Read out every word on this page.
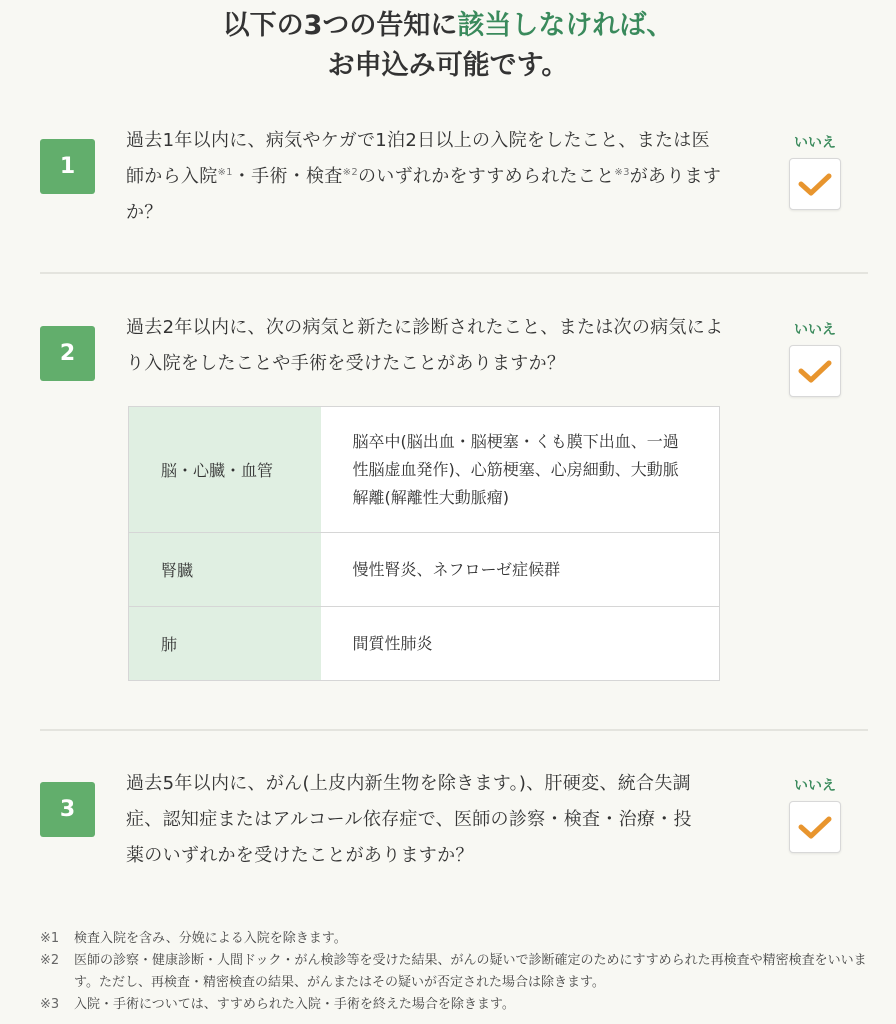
以下の3つの告知に該当しなければ、
お申込み可能です。
1
過去1年以内に、病気やケガで1泊2日以上の入院をしたこと、または医師から入院$^{※1}$・手術・検査$^{※2}$のいずれかをすすめられたこと$^{※3}$がありますか？
いいえ
2
過去2年以内に、次の病気と新たに診断されたこと、または次の病気により入院をしたことや手術を受けたことがありますか？
いいえ
脳・心臓・血管	脳卒中(脳出血・脳梗塞・くも膜下出血、一過性脳虚血発作)、心筋梗塞、心房細動、大動脈解離(解離性大動脈瘤)
腎臓	慢性腎炎、ネフローゼ症候群
肺	間質性肺炎
3
過去5年以内に、がん(上皮内新生物を除きます。)、肝硬変、統合失調症、認知症またはアルコール依存症で、医師の診察・検査・治療・投薬のいずれかを受けたことがありますか？
いいえ
※1	検査入院を含み、分娩による入院を除きます。
※2	医師の診察・健康診断・人間ドック・がん検診等を受けた結果、がんの疑いで診断確定のためにすすめられた再検査や精密検査をいいます。ただし、再検査・精密検査の結果、がんまたはその疑いが否定された場合は除きます。
※3	入院・手術については、すすめられた入院・手術を終えた場合を除きます。
